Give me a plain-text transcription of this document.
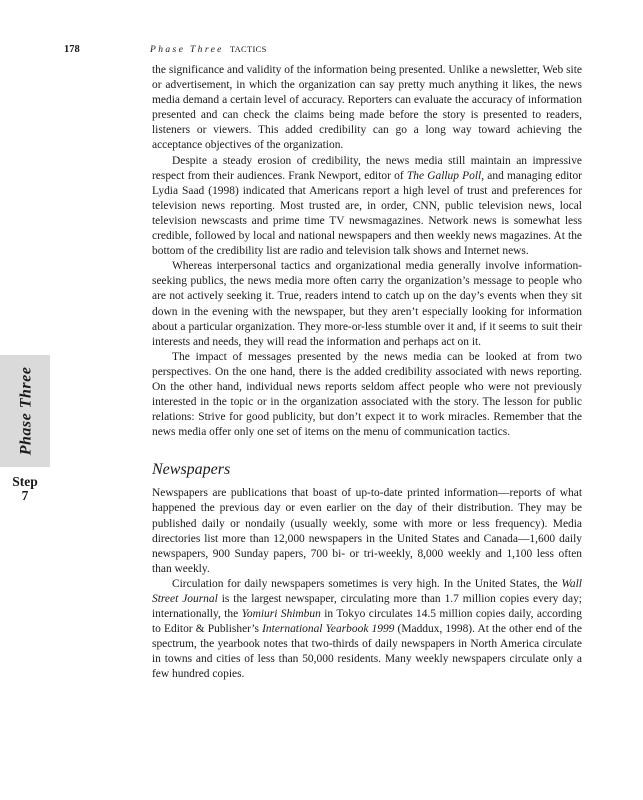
178	Phase Three TACTICS
Phase Three
Step
7

the significance and validity of the information being presented. Unlike a newsletter, Web site or advertisement, in which the organization can say pretty much anything it likes, the news media demand a certain level of accuracy. Reporters can evaluate the accuracy of information presented and can check the claims being made before the story is presented to readers, listeners or viewers. This added credibility can go a long way toward achieving the acceptance objectives of the organization.

Despite a steady erosion of credibility, the news media still maintain an impressive respect from their audiences. Frank Newport, editor of The Gallup Poll, and managing editor Lydia Saad (1998) indicated that Americans report a high level of trust and preferences for television news reporting. Most trusted are, in order, CNN, public television news, local television newscasts and prime time TV newsmagazines. Network news is somewhat less credible, followed by local and national newspapers and then weekly news magazines. At the bottom of the credibility list are radio and television talk shows and Internet news.

Whereas interpersonal tactics and organizational media generally involve information-seeking publics, the news media more often carry the organization’s message to people who are not actively seeking it. True, readers intend to catch up on the day’s events when they sit down in the evening with the newspaper, but they aren’t especially looking for information about a particular organization. They more-or-less stumble over it and, if it seems to suit their interests and needs, they will read the information and perhaps act on it.

The impact of messages presented by the news media can be looked at from two perspectives. On the one hand, there is the added credibility associated with news reporting. On the other hand, individual news reports seldom affect people who were not previously interested in the topic or in the organization associated with the story. The lesson for public relations: Strive for good publicity, but don’t expect it to work miracles. Remember that the news media offer only one set of items on the menu of communication tactics.

Newspapers

Newspapers are publications that boast of up-to-date printed information—reports of what happened the previous day or even earlier on the day of their distribution. They may be published daily or nondaily (usually weekly, some with more or less frequency). Media directories list more than 12,000 newspapers in the United States and Canada—1,600 daily newspapers, 900 Sunday papers, 700 bi- or tri-weekly, 8,000 weekly and 1,100 less often than weekly.

Circulation for daily newspapers sometimes is very high. In the United States, the Wall Street Journal is the largest newspaper, circulating more than 1.7 million copies every day; internationally, the Yomiuri Shimbun in Tokyo circulates 14.5 million copies daily, according to Editor & Publisher’s International Yearbook 1999 (Maddux, 1998). At the other end of the spectrum, the yearbook notes that two-thirds of daily newspapers in North America circulate in towns and cities of less than 50,000 residents. Many weekly newspapers circulate only a few hundred copies.
